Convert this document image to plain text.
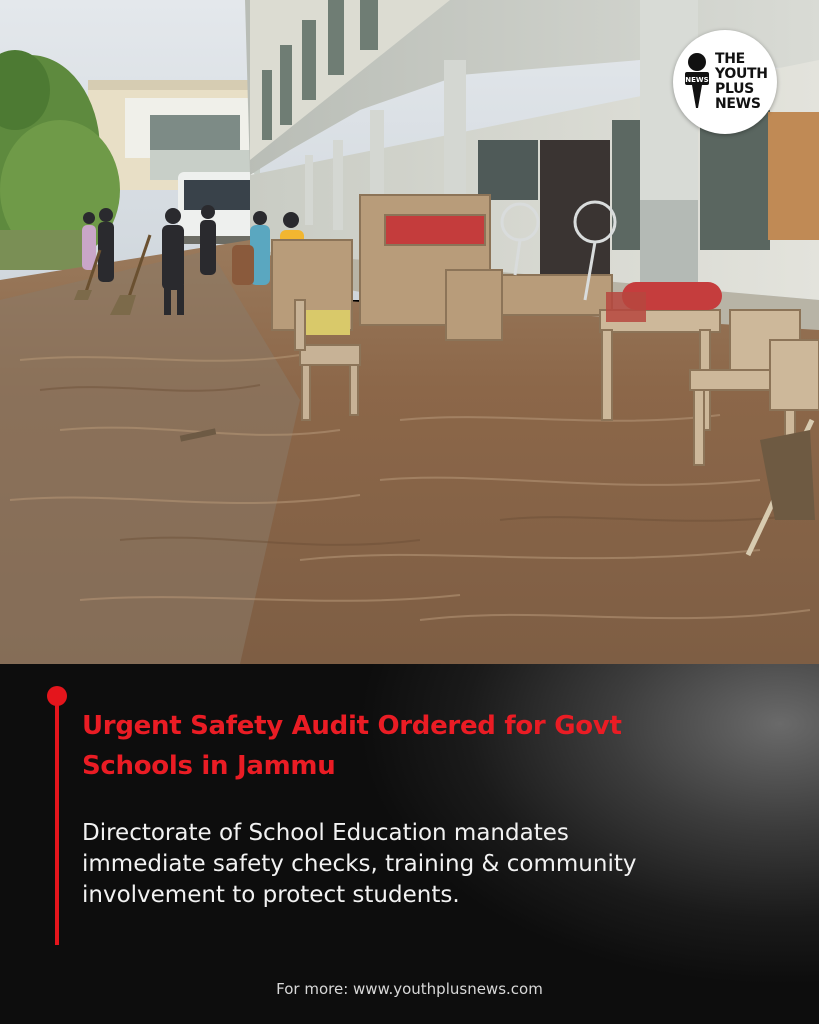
NEWS
THE
YOUTH
PLUS
NEWS
Urgent Safety Audit Ordered for Govt
Schools in Jammu

Directorate of School Education mandates
immediate safety checks, training & community
involvement to protect students.

For more: www.youthplusnews.com
